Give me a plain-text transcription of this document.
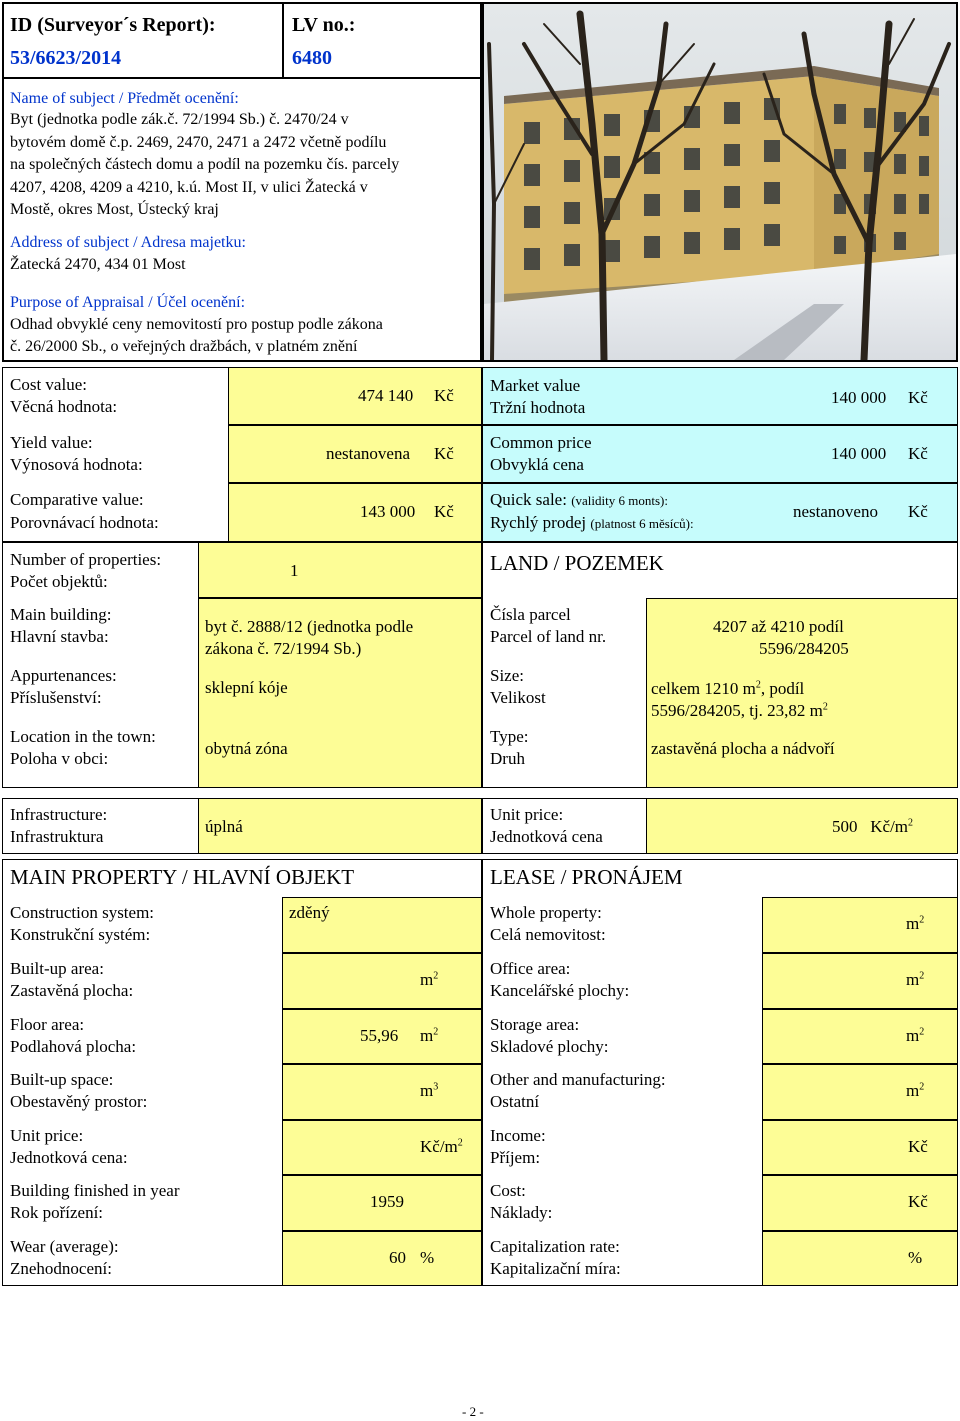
ID (Surveyor´s Report):
53/6623/2014
LV no.:
6480
Name of subject / Předmět ocenění:
Byt (jednotka podle zák.č. 72/1994 Sb.) č. 2470/24 v
bytovém domě č.p. 2469, 2470, 2471 a 2472 včetně podílu
na společných částech domu a podíl na pozemku čís. parcely
4207, 4208, 4209 a 4210, k.ú. Most II, v ulici Žatecká v
Mostě, okres Most, Ústecký kraj
Address of subject / Adresa majetku:
Žatecká 2470, 434 01 Most
Purpose of Appraisal / Účel ocenění:
Odhad obvyklé ceny nemovitostí pro postup podle zákona
č. 26/2000 Sb., o veřejných dražbách, v platném znění
Cost value:
Věcná hodnota:
474 140 Kč
Yield value:
Výnosová hodnota:
nestanovena Kč
Comparative value:
Porovnávací hodnota:
143 000 Kč
Market value
Tržní hodnota
140 000 Kč
Common price
Obvyklá cena
140 000 Kč
Quick sale: (validity 6 monts):
Rychlý prodej (platnost 6 měsíců):
nestanoveno Kč
Number of properties:
Počet objektů:
1
Main building:
Hlavní stavba:
byt č. 2888/12 (jednotka podle
zákona č. 72/1994 Sb.)
Appurtenances:
Příslušenství:
sklepní kóje
Location in the town:
Poloha v obci:
obytná zóna
LAND / POZEMEK
Čísla parcel
Parcel of land nr.
4207 až 4210 podíl
5596/284205
Size:
Velikost	celkem 1210 $m^2$, podíl
5596/284205, tj. 23,82 $m^2$
Type:
Druh
zastavěná plocha a nádvoří
Infrastructure:
Infrastruktura
úplná
Unit price:
Jednotková cena
500 $Kč/m^2$
MAIN PROPERTY / HLAVNÍ OBJEKT	LEASE / PRONÁJEM
Construction system:
Konstrukční systém:
zděný
Built-up area:
Zastavěná plocha:
$m^2$
Floor area:
Podlahová plocha:
55,96 $m^2$
Built-up space:
Obestavěný prostor:
$m^3$
Unit price:
Jednotková cena:
$Kč/m^2$
Building finished in year
Rok pořízení:
1959
Wear (average):
Znehodnocení:
60 %
Whole property:
Celá nemovitost:
$m^2$
Office area:
Kancelářské plochy:
$m^2$
Storage area:
Skladové plochy:
$m^2$
Other and manufacturing:
Ostatní
$m^2$
Income:
Příjem:
Kč
Cost:
Náklady:
Kč
Capitalization rate:
Kapitalizační míra:
%
- 2 -
